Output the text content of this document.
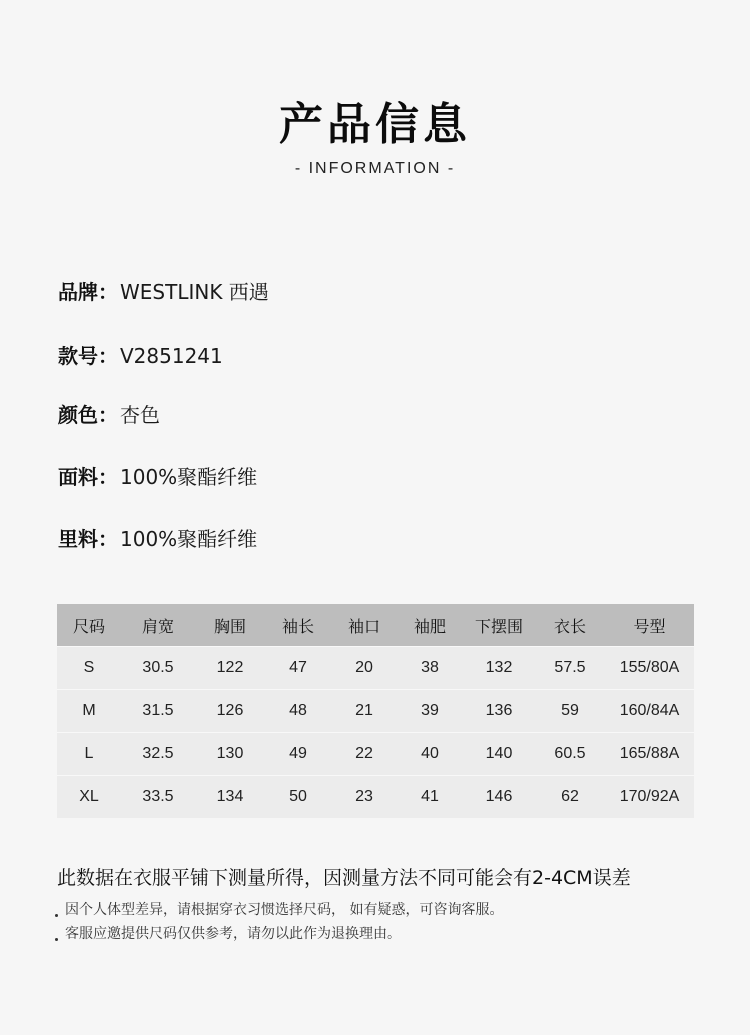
产品信息
- INFORMATION -
品牌： WESTLINK 西遇
款号： V2851241
颜色： 杏色
面料： 100%聚酯纤维
里料： 100%聚酯纤维
尺码	肩宽	胸围	袖长	袖口	袖肥	下摆围	衣长	号型
S	30.5	122	47	20	38	132	57.5	155/80A
M	31.5	126	48	21	39	136	59	160/84A
L	32.5	130	49	22	40	140	60.5	165/88A
XL	33.5	134	50	23	41	146	62	170/92A
此数据在衣服平铺下测量所得，因测量方法不同可能会有2-4CM误差
因个人体型差异，请根据穿衣习惯选择尺码， 如有疑惑，可咨询客服。
客服应邀提供尺码仅供参考，请勿以此作为退换理由。
